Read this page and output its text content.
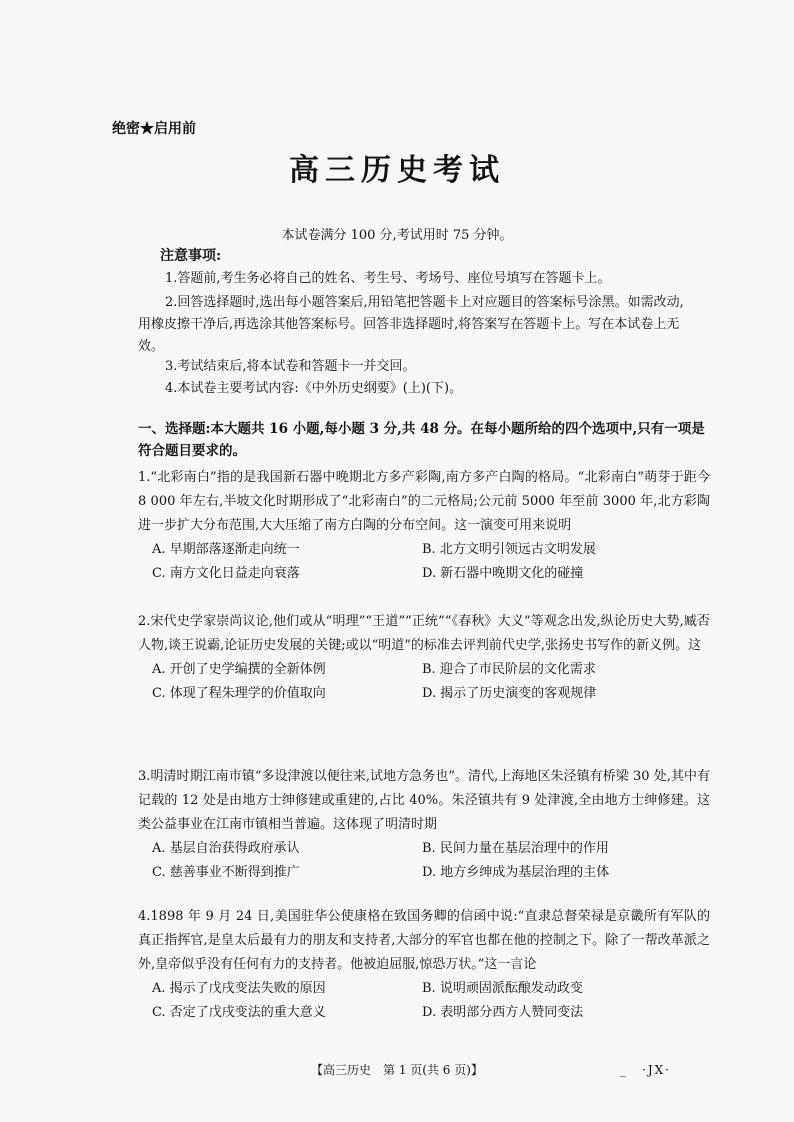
绝密★启用前
高三历史考试
本试卷满分 100 分,考试用时 75 分钟。
注意事项:
1.答题前,考生务必将自己的姓名、考生号、考场号、座位号填写在答题卡上。
2.回答选择题时,选出每小题答案后,用铅笔把答题卡上对应题目的答案标号涂黑。如需改动,用橡皮擦干净后,再选涂其他答案标号。回答非选择题时,将答案写在答题卡上。写在本试卷上无效。
3.考试结束后,将本试卷和答题卡一并交回。
4.本试卷主要考试内容:《中外历史纲要》(上)(下)。
一、选择题:本大题共 16 小题,每小题 3 分,共 48 分。在每小题所给的四个选项中,只有一项是符合题目要求的。

1.“北彩南白”指的是我国新石器中晚期北方多产彩陶,南方多产白陶的格局。“北彩南白”萌芽于距今 8 000 年左右,半坡文化时期形成了“北彩南白”的二元格局;公元前 5000 年至前 3000 年,北方彩陶进一步扩大分布范围,大大压缩了南方白陶的分布空间。这一演变可用来说明

A. 早期部落逐渐走向统一	B. 北方文明引领远古文明发展
C. 南方文化日益走向衰落	D. 新石器中晚期文化的碰撞

2.宋代史学家崇尚议论,他们或从“明理”“王道”“正统”“《春秋》大义”等观念出发,纵论历史大势,臧否人物,谈王说霸,论证历史发展的关键;或以“明道”的标准去评判前代史学,张扬史书写作的新义例。这

A. 开创了史学编撰的全新体例	B. 迎合了市民阶层的文化需求
C. 体现了程朱理学的价值取向	D. 揭示了历史演变的客观规律

3.明清时期江南市镇“多设津渡以便往来,试地方急务也”。清代,上海地区朱泾镇有桥梁 30 处,其中有记载的 12 处是由地方士绅修建或重建的,占比 40%。朱泾镇共有 9 处津渡,全由地方士绅修建。这类公益事业在江南市镇相当普遍。这体现了明清时期

A. 基层自治获得政府承认	B. 民间力量在基层治理中的作用
C. 慈善事业不断得到推广	D. 地方乡绅成为基层治理的主体

4.1898 年 9 月 24 日,美国驻华公使康格在致国务卿的信函中说:“直隶总督荣禄是京畿所有军队的真正指挥官,是皇太后最有力的朋友和支持者,大部分的军官也都在他的控制之下。除了一帮改革派之外,皇帝似乎没有任何有力的支持者。他被迫屈服,惊恐万状。”这一言论

A. 揭示了戊戌变法失败的原因	B. 说明顽固派酝酿发动政变
C. 否定了戊戌变法的重大意义	D. 表明部分西方人赞同变法
【高三历史　第 1 页(共 6 页)】	_　·JX·
